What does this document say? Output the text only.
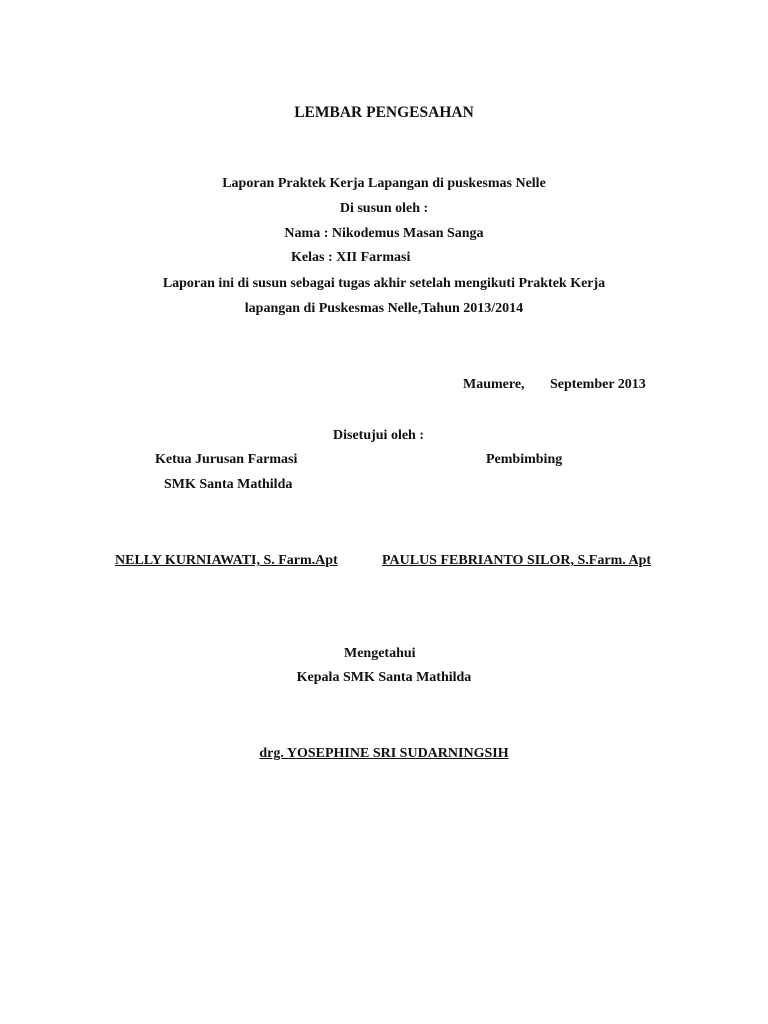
LEMBAR PENGESAHAN
Laporan Praktek Kerja Lapangan di puskesmas Nelle
Di susun oleh :
Nama : Nikodemus Masan Sanga
Kelas : XII Farmasi
Laporan ini di susun sebagai tugas akhir setelah mengikuti Praktek Kerja
lapangan di Puskesmas Nelle,Tahun 2013/2014
Maumere, September 2013
Disetujui oleh :
Ketua Jurusan Farmasi	Pembimbing
SMK Santa Mathilda
NELLY KURNIAWATI, S. Farm.Apt	PAULUS FEBRIANTO SILOR, S.Farm. Apt
Mengetahui
Kepala SMK Santa Mathilda
drg. YOSEPHINE SRI SUDARNINGSIH
